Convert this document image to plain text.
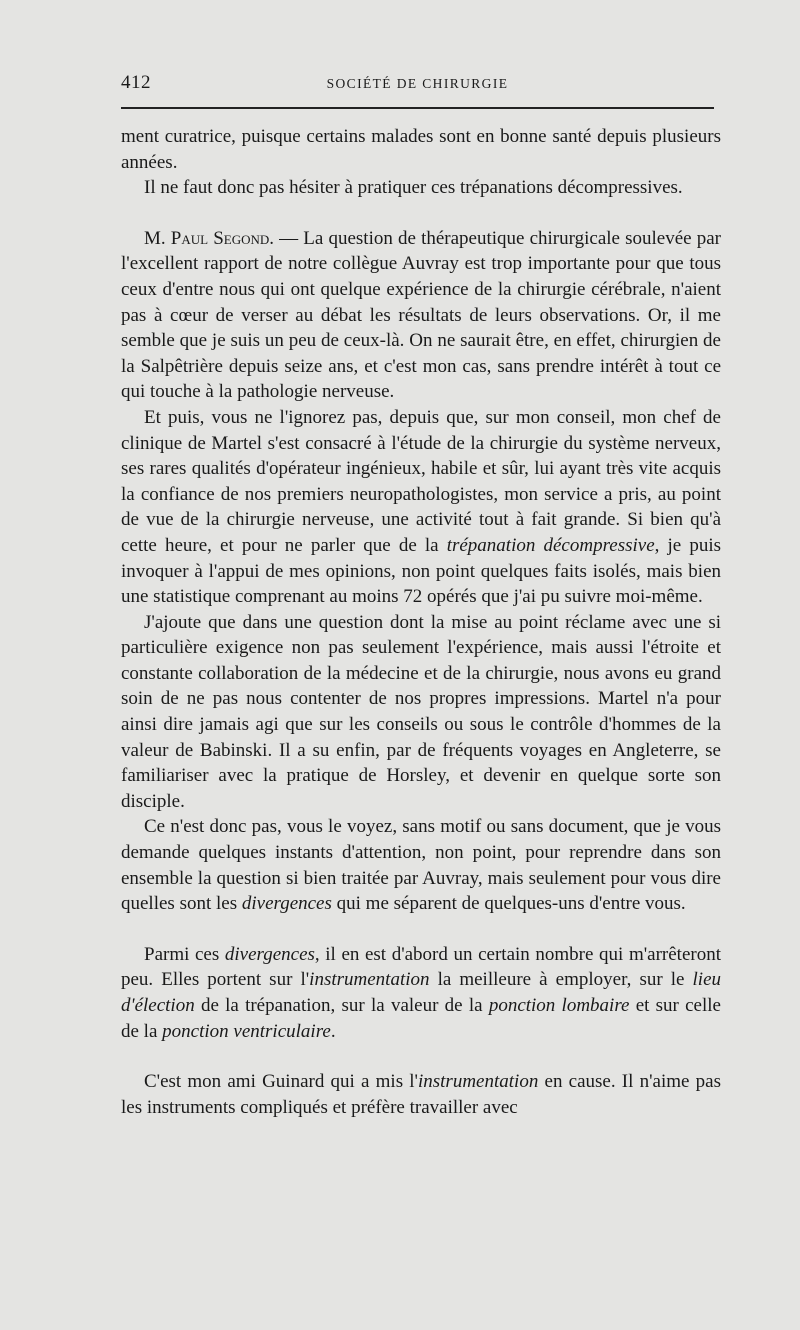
412	SOCIÉTÉ DE CHIRURGIE

ment curatrice, puisque certains malades sont en bonne santé depuis plusieurs années.

Il ne faut donc pas hésiter à pratiquer ces trépanations décompressives.

M. Paul Segond. — La question de thérapeutique chirurgicale soulevée par l'excellent rapport de notre collègue Auvray est trop importante pour que tous ceux d'entre nous qui ont quelque expérience de la chirurgie cérébrale, n'aient pas à cœur de verser au débat les résultats de leurs observations. Or, il me semble que je suis un peu de ceux-là. On ne saurait être, en effet, chirurgien de la Salpêtrière depuis seize ans, et c'est mon cas, sans prendre intérêt à tout ce qui touche à la pathologie nerveuse.

Et puis, vous ne l'ignorez pas, depuis que, sur mon conseil, mon chef de clinique de Martel s'est consacré à l'étude de la chirurgie du système nerveux, ses rares qualités d'opérateur ingénieux, habile et sûr, lui ayant très vite acquis la confiance de nos premiers neuropathologistes, mon service a pris, au point de vue de la chirurgie nerveuse, une activité tout à fait grande. Si bien qu'à cette heure, et pour ne parler que de la trépanation décompressive, je puis invoquer à l'appui de mes opinions, non point quelques faits isolés, mais bien une statistique comprenant au moins 72 opérés que j'ai pu suivre moi-même.

J'ajoute que dans une question dont la mise au point réclame avec une si particulière exigence non pas seulement l'expérience, mais aussi l'étroite et constante collaboration de la médecine et de la chirurgie, nous avons eu grand soin de ne pas nous contenter de nos propres impressions. Martel n'a pour ainsi dire jamais agi que sur les conseils ou sous le contrôle d'hommes de la valeur de Babinski. Il a su enfin, par de fréquents voyages en Angleterre, se familiariser avec la pratique de Horsley, et devenir en quelque sorte son disciple.

Ce n'est donc pas, vous le voyez, sans motif ou sans document, que je vous demande quelques instants d'attention, non point, pour reprendre dans son ensemble la question si bien traitée par Auvray, mais seulement pour vous dire quelles sont les divergences qui me séparent de quelques-uns d'entre vous.

Parmi ces divergences, il en est d'abord un certain nombre qui m'arrêteront peu. Elles portent sur l'instrumentation la meilleure à employer, sur le lieu d'élection de la trépanation, sur la valeur de la ponction lombaire et sur celle de la ponction ventriculaire.

C'est mon ami Guinard qui a mis l'instrumentation en cause. Il n'aime pas les instruments compliqués et préfère travailler avec
